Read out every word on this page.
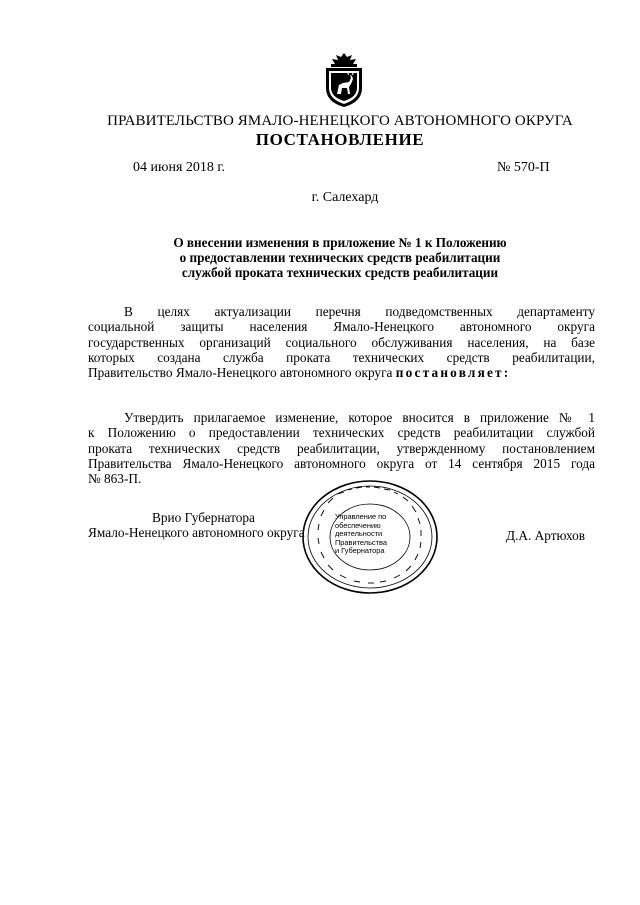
ПРАВИТЕЛЬСТВО ЯМАЛО-НЕНЕЦКОГО АВТОНОМНОГО ОКРУГА
ПОСТАНОВЛЕНИЕ
04 июня 2018 г.	№ 570-П
г. Салехард
О внесении изменения в приложение № 1 к Положению
о предоставлении технических средств реабилитации
службой проката технических средств реабилитации
В целях актуализации перечня подведомственных департаменту
социальной защиты населения Ямало-Ненецкого автономного округа
государственных организаций социального обслуживания населения, на базе
которых создана служба проката технических средств реабилитации,
Правительство Ямало-Ненецкого автономного округа постановляет:
Утвердить прилагаемое изменение, которое вносится в приложение № 1
к Положению о предоставлении технических средств реабилитации службой
проката технических средств реабилитации, утвержденному постановлением
Правительства Ямало-Ненецкого автономного округа от 14 сентября 2015 года
№ 863-П.
Врио Губернатора
Ямало-Ненецкого автономного округа	Д.А. Артюхов
Управление по
обеспечению
деятельности
Правительства
и Губернатора
